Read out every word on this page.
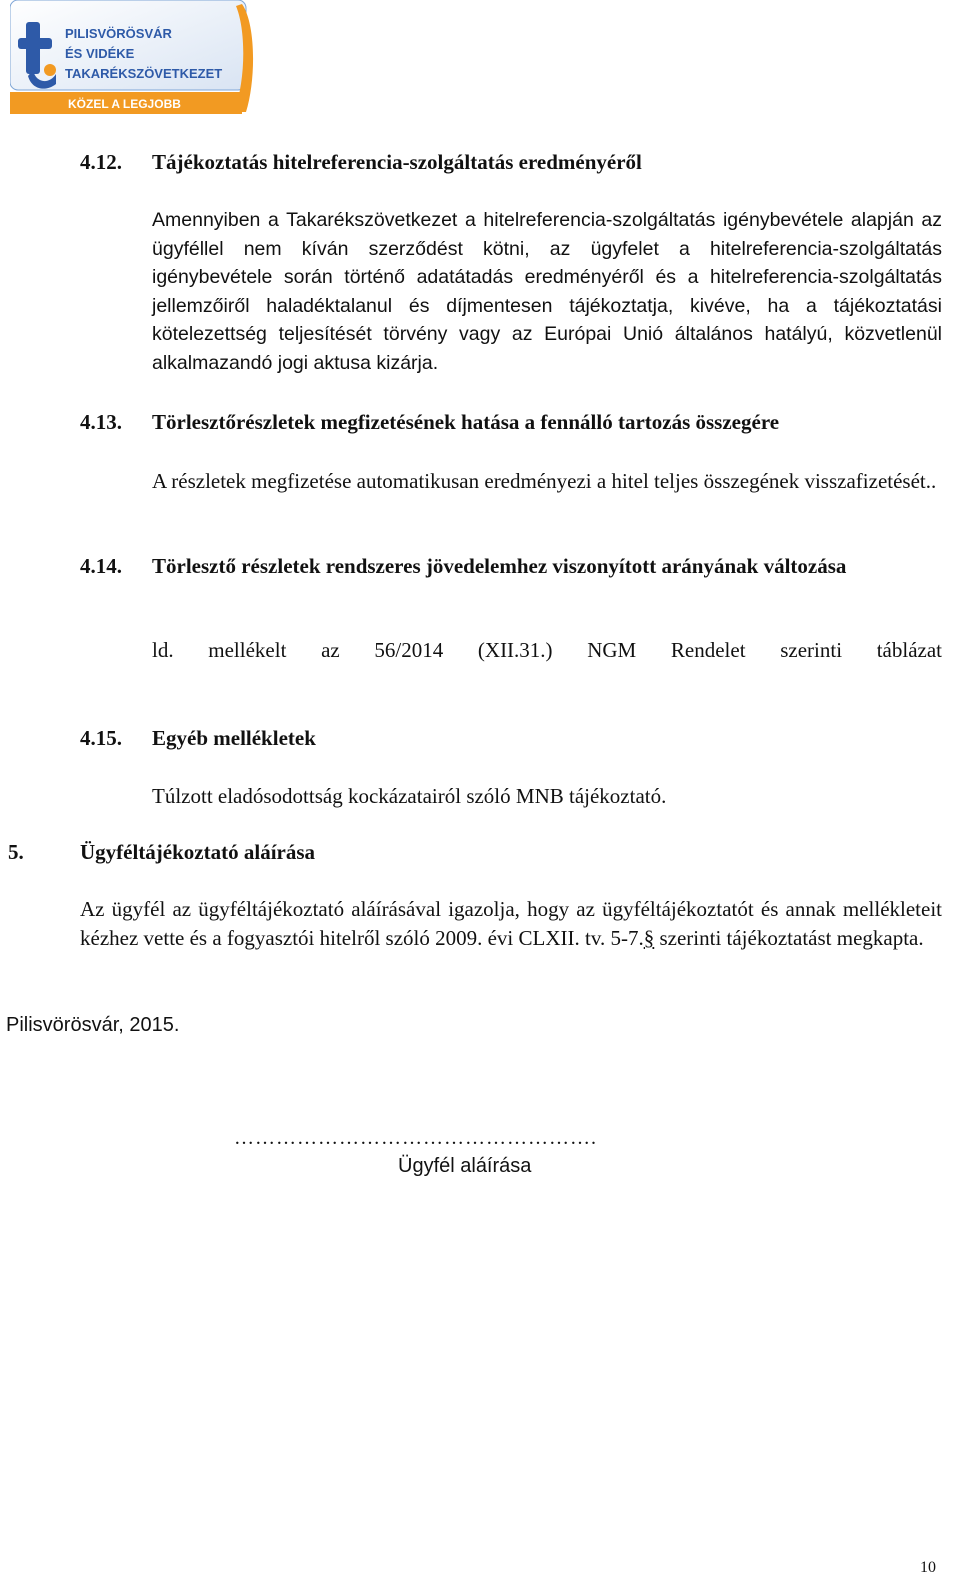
PILISVÖRÖSVÁR
ÉS VIDÉKE
TAKARÉKSZÖVETKEZET
KÖZEL A LEGJOBB
4.12. Tájékoztatás hitelreferencia-szolgáltatás eredményéről
Amennyiben a Takarékszövetkezet a hitelreferencia-szolgáltatás igénybevétele alapján az ügyféllel nem kíván szerződést kötni, az ügyfelet a hitelreferencia-szolgáltatás igénybevétele során történő adatátadás eredményéről és a hitelreferencia-szolgáltatás jellemzőiről haladéktalanul és díjmentesen tájékoztatja, kivéve, ha a tájékoztatási kötelezettség teljesítését törvény vagy az Európai Unió általános hatályú, közvetlenül alkalmazandó jogi aktusa kizárja.
4.13. Törlesztőrészletek megfizetésének hatása a fennálló tartozás összegére
A részletek megfizetése automatikusan eredményezi a hitel teljes összegének visszafizetését..
4.14. Törlesztő részletek rendszeres jövedelemhez viszonyított arányának változása
ld. mellékelt az 56/2014 (XII.31.) NGM Rendelet szerinti táblázat
4.15. Egyéb mellékletek
Túlzott eladósodottság kockázatairól szóló MNB tájékoztató.
5.	Ügyféltájékoztató aláírása
Az ügyfél az ügyféltájékoztató aláírásával igazolja, hogy az ügyféltájékoztatót és annak mellékleteit kézhez vette és a fogyasztói hitelről szóló 2009. évi CLXII. tv. 5-7.§ szerinti tájékoztatást megkapta.
Pilisvörösvár, 2015.
…………………………………………….
Ügyfél aláírása
10
